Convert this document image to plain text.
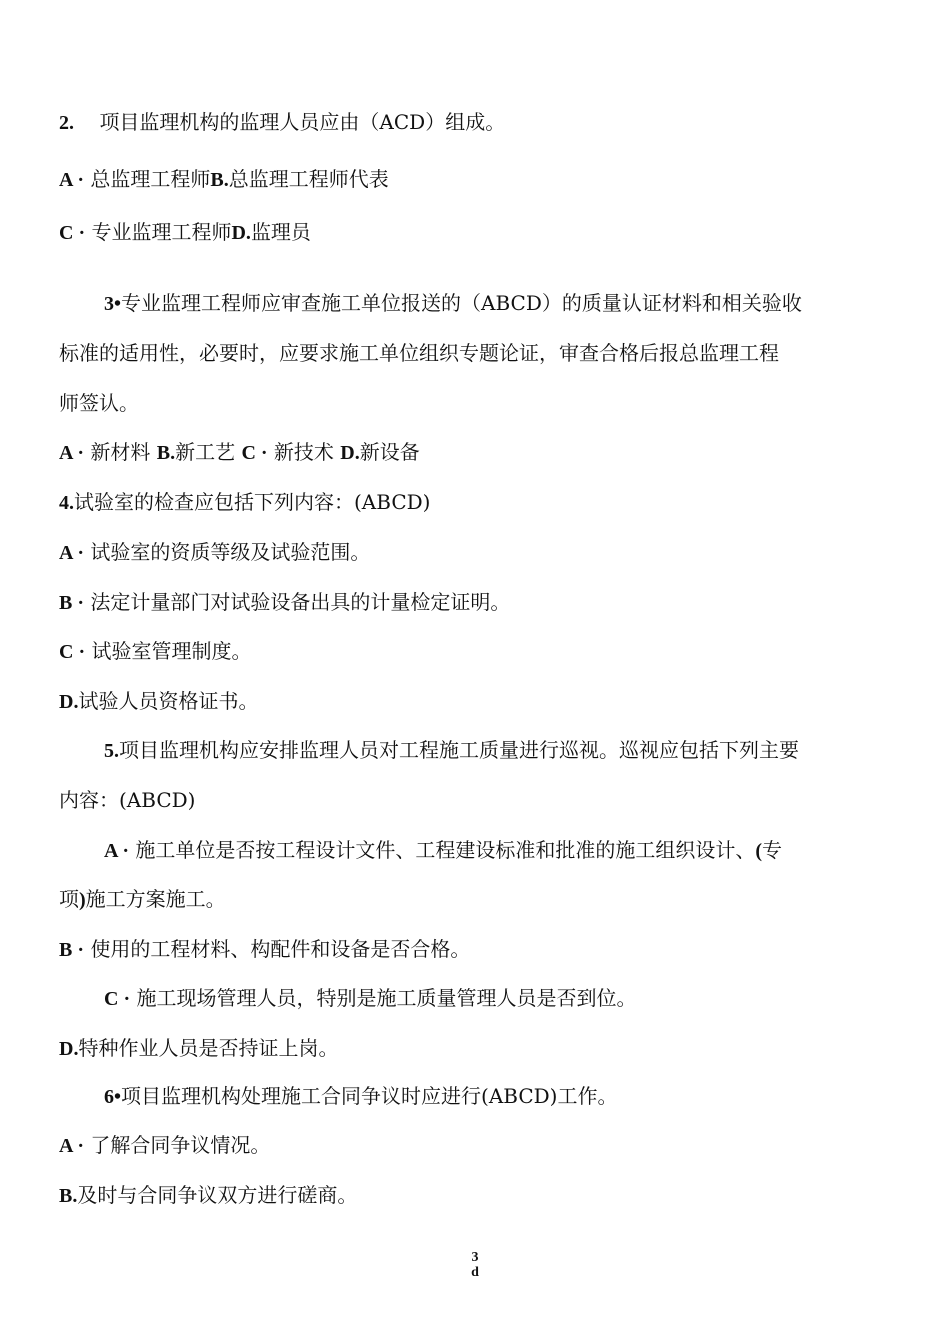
2. 项目监理机构的监理人员应由（ACD）组成。
A · 总监理工程师B.总监理工程师代表
C · 专业监理工程师D.监理员
3•专业监理工程师应审查施工单位报送的（ABCD）的质量认证材料和相关验收
标准的适用性，必要时，应要求施工单位组织专题论证，审查合格后报总监理工程
师签认。
A · 新材料 B.新工艺 C · 新技术 D.新设备
4.试验室的检查应包括下列内容：(ABCD)
A · 试验室的资质等级及试验范围。
B · 法定计量部门对试验设备出具的计量检定证明。
C · 试验室管理制度。
D.试验人员资格证书。
5.项目监理机构应安排监理人员对工程施工质量进行巡视。巡视应包括下列主要
内容：(ABCD)
A · 施工单位是否按工程设计文件、工程建设标准和批准的施工组织设计、(专
项)施工方案施工。
B · 使用的工程材料、构配件和设备是否合格。
C · 施工现场管理人员，特别是施工质量管理人员是否到位。
D.特种作业人员是否持证上岗。
6•项目监理机构处理施工合同争议时应进行(ABCD)工作。
A · 了解合同争议情况。
B.及时与合同争议双方进行磋商。
3
d
